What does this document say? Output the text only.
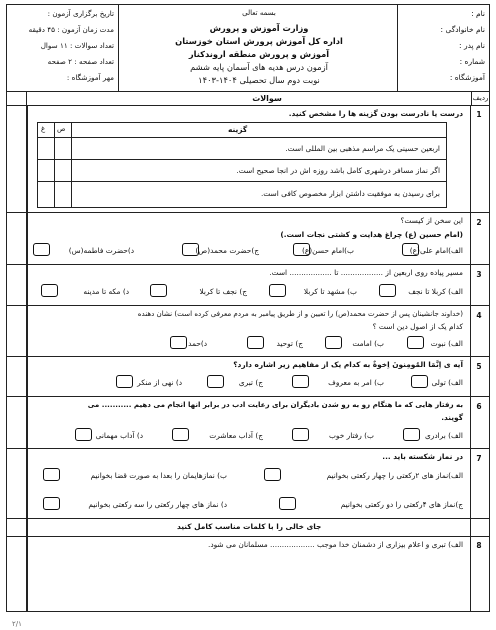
نام :
نام خانوادگی :
نام پدر :
شماره :
آموزشگاه :
بسمه تعالی
وزارت آموزش و پرورش
اداره کل آموزش پرورش استان خوزستان
آموزش و پرورش منطقه اروندکنار
آزمون درس هدیه های آسمان پایه ششم
نوبت دوم سال تحصیلی ۱۴۰۴-۱۴۰۳
تاریخ برگزاری آزمون :
مدت زمان آزمون : ۴۵ دقیقه
تعداد سوالات : ۱۱ سوال
تعداد صفحه : ۲ صفحه
مهر آموزشگاه :
ردیف
سوالات
1
درست یا نادرست بودن گزینه ها را مشخص کنید.
غ ص	گزینه
اربعین حسینی یک مراسم مذهبی بین المللی است.
اگر نماز مسافر درشهری کامل باشد روزه اش در انجا صحیح است.
برای رسیدن به موفقیت داشتن ابزار مخصوص کافی است.
2
این سخن از کیست؟
(امام حسین (ع) چراغ هدایت و کشتی نجات است.)
الف)امام علی(ع)
ب)امام حسن(ع)
ج)حضرت محمد(ص)
د)حضرت فاطمه(س)
3
مسیر پیاده روی اربعین از .................. تا .................. است.
الف) کربلا تا نجف
ب) مشهد تا کربلا
ج) نجف تا کربلا
د) مکه تا مدینه
4
(خداوند جانشینان پس از حضرت محمد(ص) را تعیین و از طریق پیامبر به مردم معرفی کرده است) نشان دهنده
کدام یک از اصول دین است ؟
الف) نبوت
ب) امامت
ج) توحید
د)حمد
5
آیه ی اِنَّمَا المُومِنونَ اِخوةٌ به کدام یک از مفاهیم زیر اشاره دارد؟
الف) تولی
ب) امر به معروف
ج) تبری
د) نهی از منکر
6
به رفتار هایی که ما هنگام رو به رو شدن بادیگران برای رعایت ادب در برابر انها انجام می دهیم ........... می
گویند.
الف) برادری
ب) رفتار خوب
ج) آداب معاشرت
د) آداب مهمانی
7
در نماز شکسته باید ...
الف)نماز های ۲رکعتی را چهار رکعتی بخوانیم
ب) نمازهایمان را بعدا به صورت قضا بخوانیم
ج)نماز های ۴رکعتی را دو رکعتی بخوانیم
د) نماز های چهار رکعتی را سه رکعتی بخوانیم
جای خالی را با کلمات مناسب کامل کنید
8
الف) تبری و اعلام بیزاری از دشمنان خدا موجب ................... مسلمانان می شود.
۲/۱
